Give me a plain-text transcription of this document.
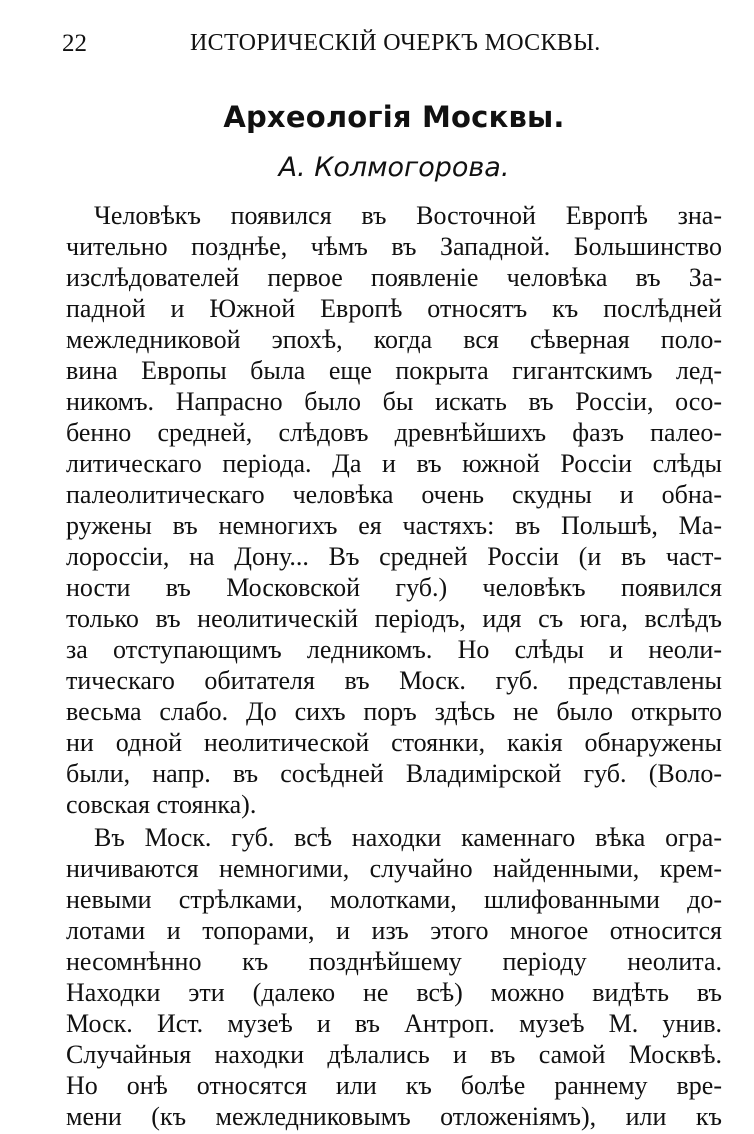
22	ИСТОРИЧЕСКІЙ ОЧЕРКЪ МОСКВЫ.
Археологія Москвы.
А. Колмогорова.
Человѣкъ появился въ Восточной Европѣ зна-
чительно позднѣе, чѣмъ въ Западной. Большинство
изслѣдователей первое появленіе человѣка въ За-
падной и Южной Европѣ относятъ къ послѣдней
межледниковой эпохѣ, когда вся сѣверная поло-
вина Европы была еще покрыта гигантскимъ лед-
никомъ. Напрасно было бы искать въ Россіи, осо-
бенно средней, слѣдовъ древнѣйшихъ фазъ палео-
литическаго періода. Да и въ южной Россіи слѣды
палеолитическаго человѣка очень скудны и обна-
ружены въ немногихъ ея частяхъ: въ Польшѣ, Ма-
лороссіи, на Дону... Въ средней Россіи (и въ част-
ности въ Московской губ.) человѣкъ появился
только въ неолитическій періодъ, идя съ юга, вслѣдъ
за отступающимъ ледникомъ. Но слѣды и неоли-
тическаго обитателя въ Моск. губ. представлены
весьма слабо. До сихъ поръ здѣсь не было открыто
ни одной неолитической стоянки, какія обнаружены
были, напр. въ сосѣдней Владимірской губ. (Воло-
совская стоянка).
Въ Моск. губ. всѣ находки каменнаго вѣка огра-
ничиваются немногими, случайно найденными, крем-
невыми стрѣлками, молотками, шлифованными до-
лотами и топорами, и изъ этого многое относится
несомнѣнно къ позднѣйшему періоду неолита.
Находки эти (далеко не всѣ) можно видѣть въ
Моск. Ист. музеѣ и въ Антроп. музеѣ М. унив.
Случайныя находки дѣлались и въ самой Москвѣ.
Но онѣ относятся или къ болѣе раннему вре-
мени (къ межледниковымъ отложеніямъ), или къ
